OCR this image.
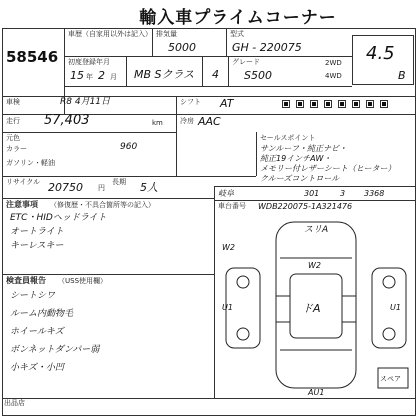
輸入車プライムコーナー
58546
車歴（自家用以外は記入） 排気量
5000
型式
GH - 220075	4.5
2WD
4WD	B
初度登録年月
15 年 2 月 MB Sクラス 4
グレード
S500
車検	R8 4月11日	シフト AT
走行 57,403	km
元色
カラー	960
ガソリン・軽油
冷房 AAC
セールスポイント
サンルーフ・純正ナビ・
純正19インチAW・
メモリー付レザーシート（ヒーター）
クルーズコントロール
リサイクル 20750 円
長期 5人	岐阜	301	3 3368
車台番号 WDB220075-1A321476
注意事項 （修復歴・不具合箇所等の記入）
ETC・HIDヘッドライト
オートライト
キーレスキー
検査員報告 （USS使用欄）
シートシワ
ルーム内動物毛
ホイールキズ
ボンネットダンパー弱
小キズ・小凹
出品店
スリA
W2
W2
ドA
U1	U1
AU1
スペア
